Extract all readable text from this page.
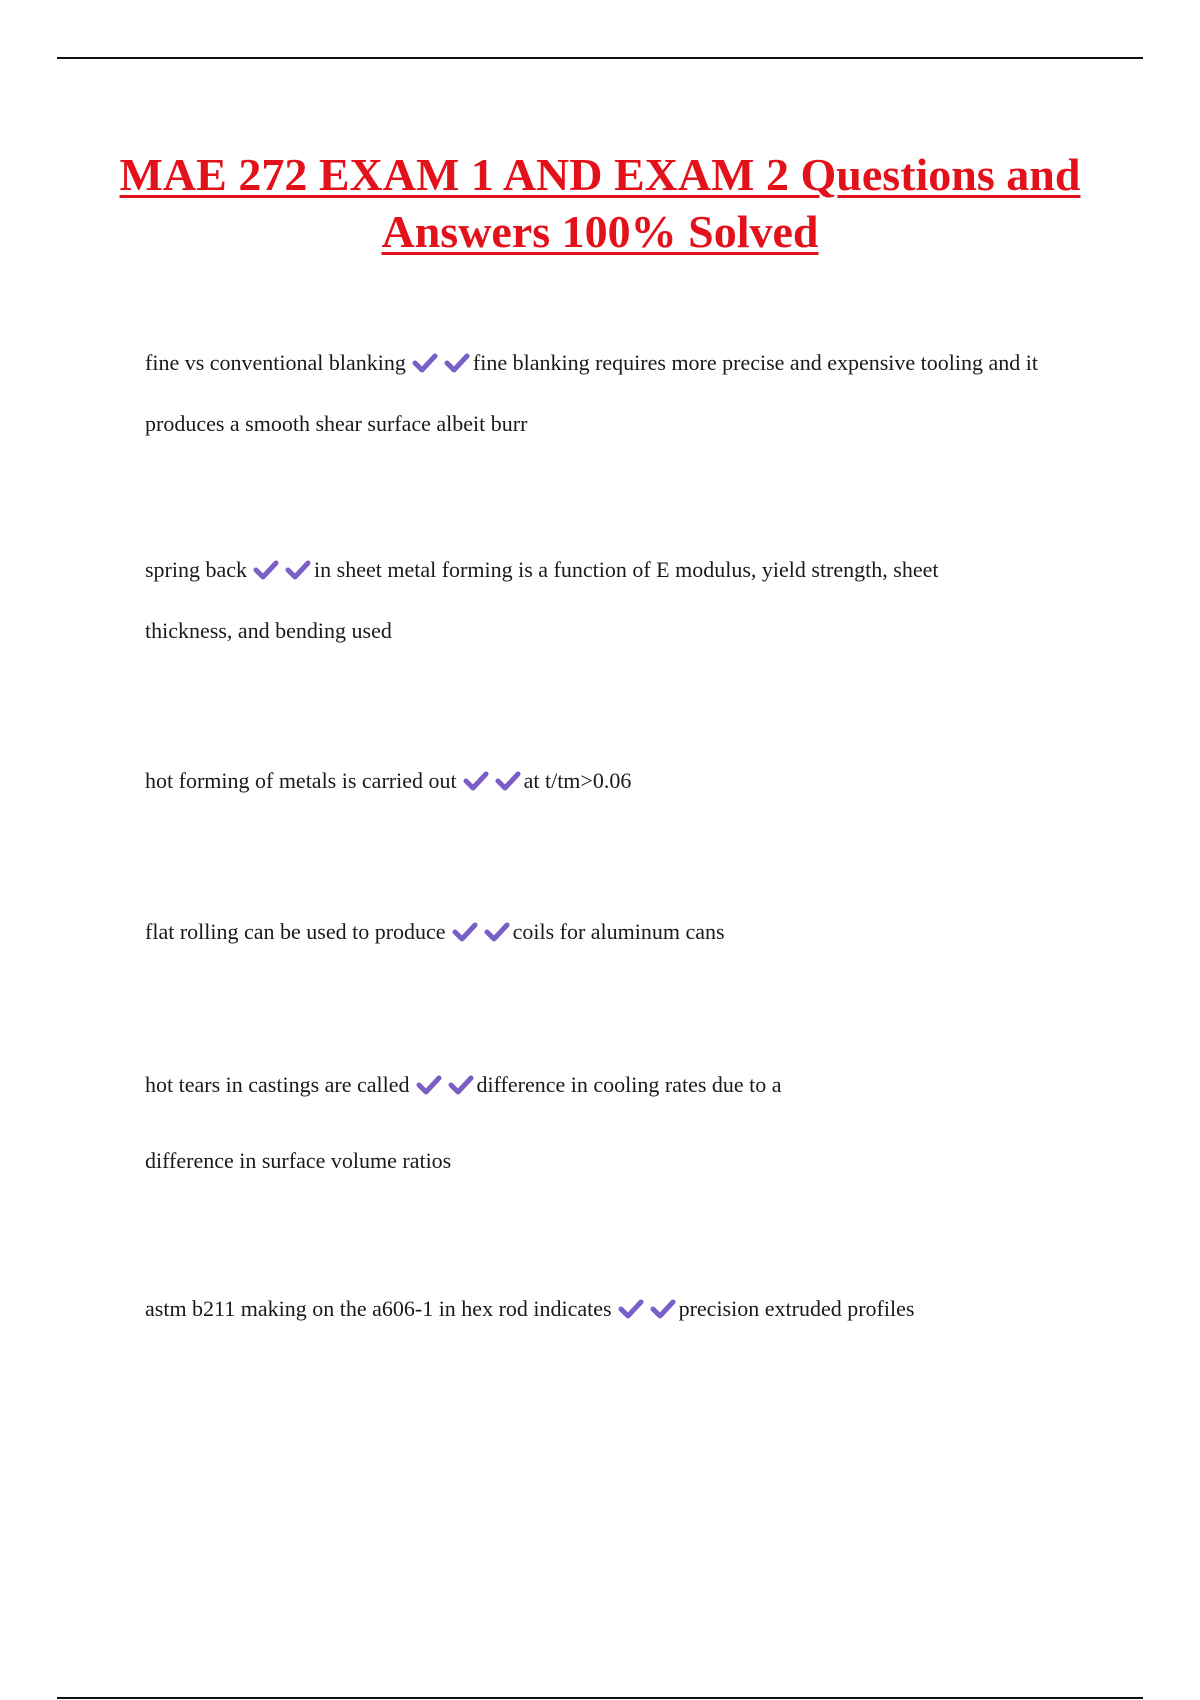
MAE 272 EXAM 1 AND EXAM 2 Questions and Answers 100% Solved

fine vs conventional blanking	fine blanking requires more precise and expensive tooling and it produces a smooth shear surface albeit burr

spring back	in sheet metal forming is a function of E modulus, yield strength, sheet thickness, and bending used

hot forming of metals is carried out	at t/tm>0.06

flat rolling can be used to produce	coils for aluminum cans

hot tears in castings are called	difference in cooling rates due to a difference in surface volume ratios

astm b211 making on the a606-1 in hex rod indicates	precision extruded profiles
